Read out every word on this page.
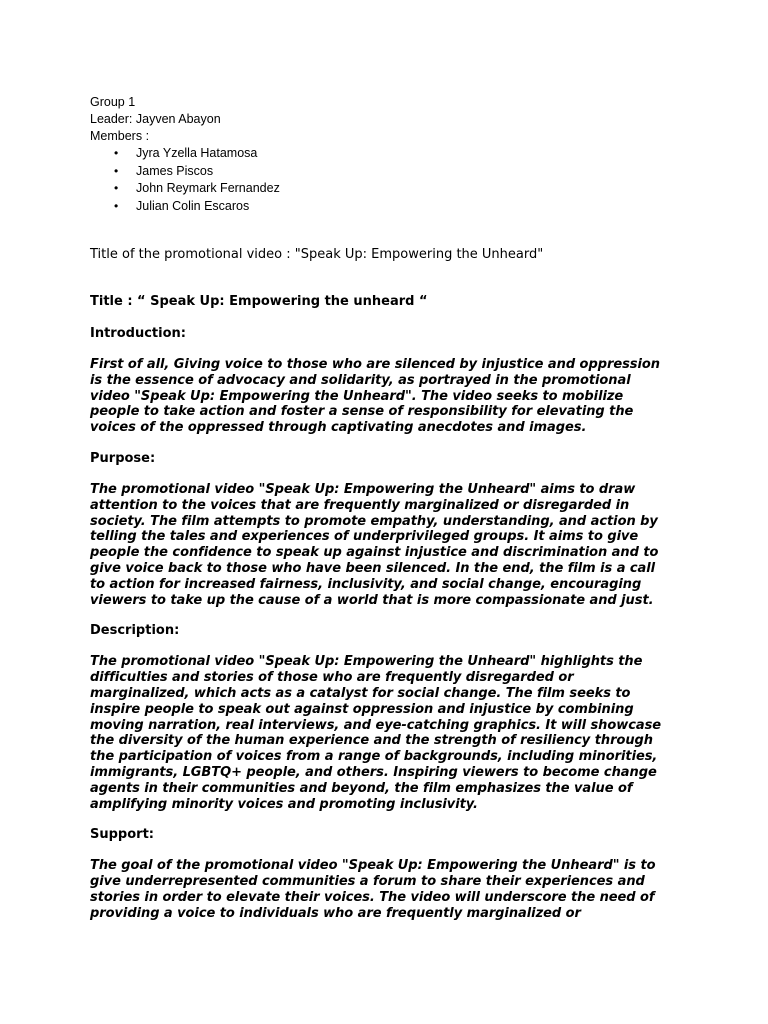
Group 1
Leader: Jayven Abayon
Members :
• Jyra Yzella Hatamosa
• James Piscos
• John Reymark Fernandez
• Julian Colin Escaros
Title of the promotional video : "Speak Up: Empowering the Unheard"
Title : “ Speak Up: Empowering the unheard “
Introduction:
First of all, Giving voice to those who are silenced by injustice and oppression
is the essence of advocacy and solidarity, as portrayed in the promotional
video "Speak Up: Empowering the Unheard". The video seeks to mobilize
people to take action and foster a sense of responsibility for elevating the
voices of the oppressed through captivating anecdotes and images.
Purpose:
The promotional video "Speak Up: Empowering the Unheard" aims to draw
attention to the voices that are frequently marginalized or disregarded in
society. The film attempts to promote empathy, understanding, and action by
telling the tales and experiences of underprivileged groups. It aims to give
people the confidence to speak up against injustice and discrimination and to
give voice back to those who have been silenced. In the end, the film is a call
to action for increased fairness, inclusivity, and social change, encouraging
viewers to take up the cause of a world that is more compassionate and just.
Description:
The promotional video "Speak Up: Empowering the Unheard" highlights the
difficulties and stories of those who are frequently disregarded or
marginalized, which acts as a catalyst for social change. The film seeks to
inspire people to speak out against oppression and injustice by combining
moving narration, real interviews, and eye-catching graphics. It will showcase
the diversity of the human experience and the strength of resiliency through
the participation of voices from a range of backgrounds, including minorities,
immigrants, LGBTQ+ people, and others. Inspiring viewers to become change
agents in their communities and beyond, the film emphasizes the value of
amplifying minority voices and promoting inclusivity.
Support:
The goal of the promotional video "Speak Up: Empowering the Unheard" is to
give underrepresented communities a forum to share their experiences and
stories in order to elevate their voices. The video will underscore the need of
providing a voice to individuals who are frequently marginalized or
